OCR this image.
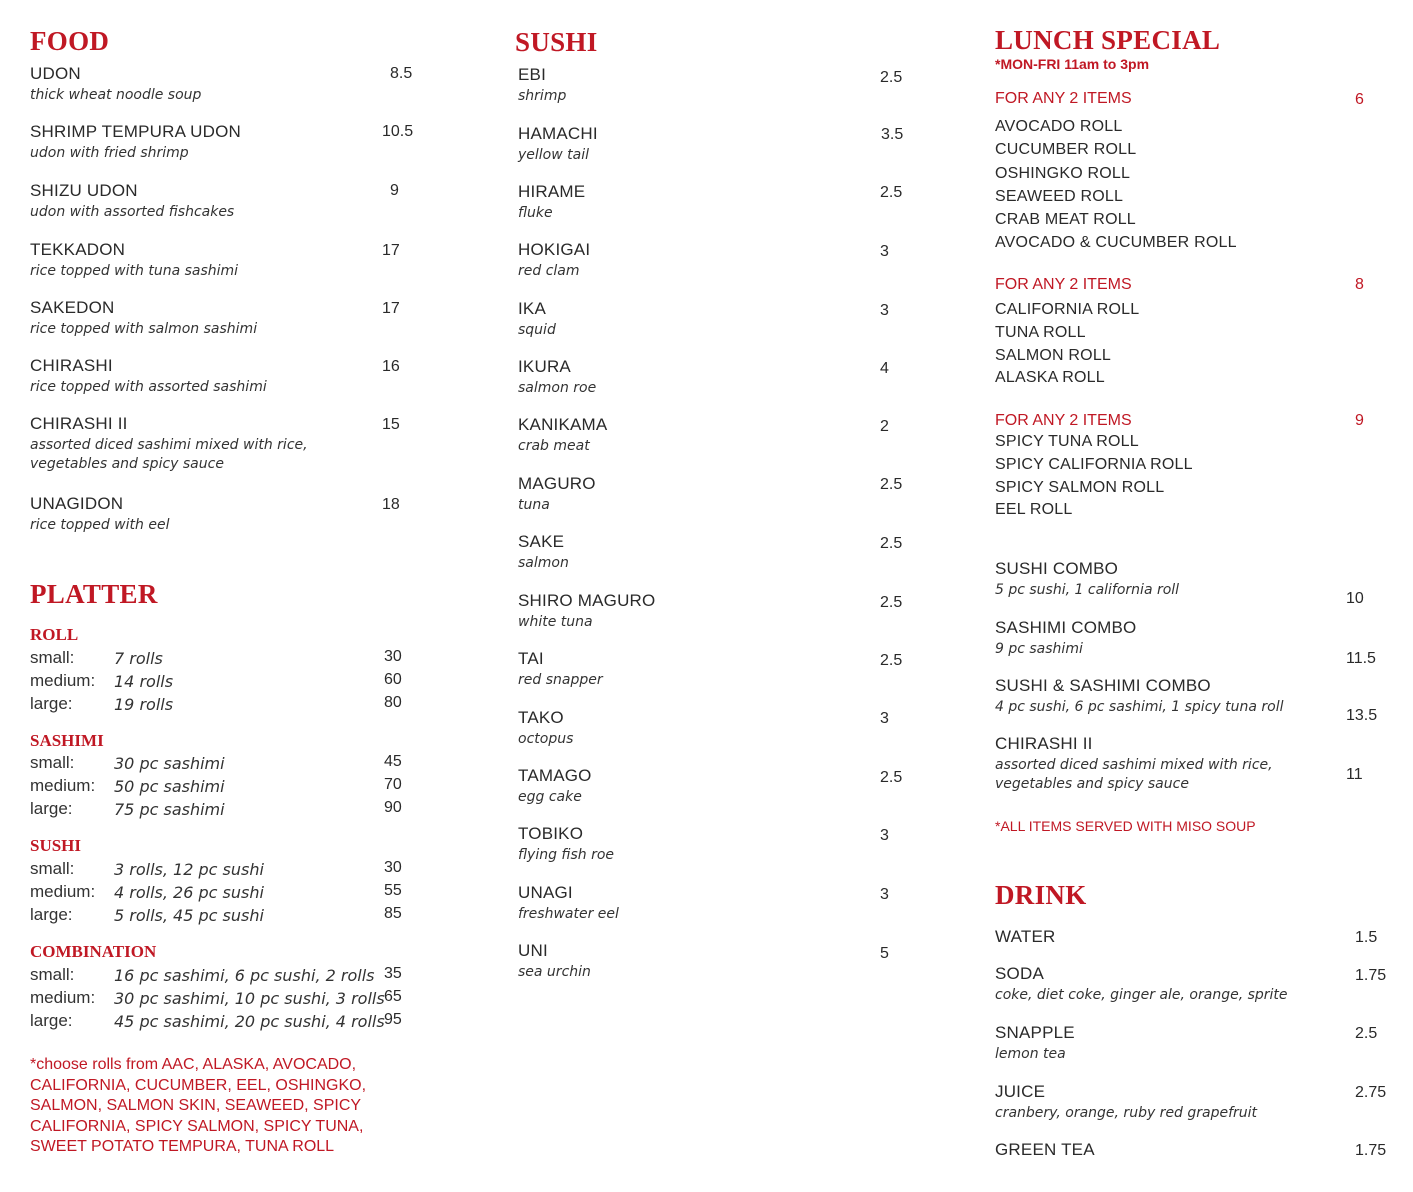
FOOD
UDON
thick wheat noodle soup
8.5
SHRIMP TEMPURA UDON
udon with fried shrimp
10.5
SHIZU UDON
udon with assorted fishcakes
9
TEKKADON
rice topped with tuna sashimi
17
SAKEDON
rice topped with salmon sashimi
17
CHIRASHI
rice topped with assorted sashimi
16
CHIRASHI II
assorted diced sashimi mixed with rice,
vegetables and spicy sauce
15
UNAGIDON
rice topped with eel
18
PLATTER
ROLL
small: 7 rolls	30
medium: 14 rolls	60
large:	19 rolls	80
SASHIMI
small: 30 pc sashimi	45
medium: 50 pc sashimi	70
large:	75 pc sashimi	90
SUSHI
small: 3 rolls, 12 pc sushi	30
medium: 4 rolls, 26 pc sushi	55
large:	5 rolls, 45 pc sushi	85
COMBINATION
small: 16 pc sashimi, 6 pc sushi, 2 rolls 35
medium: 30 pc sashimi, 10 pc sushi, 3 rolls 65
large:	45 pc sashimi, 20 pc sushi, 4 rolls 95
*choose rolls from AAC, ALASKA, AVOCADO, CALIFORNIA, CUCUMBER, EEL, OSHINGKO, SALMON, SALMON SKIN, SEAWEED, SPICY CALIFORNIA, SPICY SALMON, SPICY TUNA, SWEET POTATO TEMPURA, TUNA ROLL
SUSHI
EBI
shrimp
2.5
HAMACHI
yellow tail
3.5
HIRAME
fluke
2.5
HOKIGAI
red clam
3
IKA
squid
3
IKURA
salmon roe
4
KANIKAMA
crab meat
2
MAGURO
tuna
2.5
SAKE
salmon
2.5
SHIRO MAGURO
white tuna
2.5
TAI
red snapper
2.5
TAKO
octopus
3
TAMAGO
egg cake
2.5
TOBIKO
flying fish roe
3
UNAGI
freshwater eel
3
UNI
sea urchin
5
LUNCH SPECIAL
*MON-FRI 11am to 3pm
FOR ANY 2 ITEMS	6
AVOCADO ROLL
CUCUMBER ROLL
OSHINGKO ROLL
SEAWEED ROLL
CRAB MEAT ROLL
AVOCADO & CUCUMBER ROLL
FOR ANY 2 ITEMS	8
CALIFORNIA ROLL
TUNA ROLL
SALMON ROLL
ALASKA ROLL
FOR ANY 2 ITEMS	9
SPICY TUNA ROLL
SPICY CALIFORNIA ROLL
SPICY SALMON ROLL
EEL ROLL
SUSHI COMBO
5 pc sushi, 1 california roll	10
SASHIMI COMBO
9 pc sashimi
11.5
SUSHI & SASHIMI COMBO
4 pc sushi, 6 pc sashimi, 1 spicy tuna roll	13.5
CHIRASHI II
assorted diced sashimi mixed with rice,
vegetables and spicy sauce
11
*ALL ITEMS SERVED WITH MISO SOUP
DRINK
WATER	1.5
SODA
coke, diet coke, ginger ale, orange, sprite
1.75
SNAPPLE
lemon tea
2.5
JUICE
cranbery, orange, ruby red grapefruit
2.75
GREEN TEA	1.75
